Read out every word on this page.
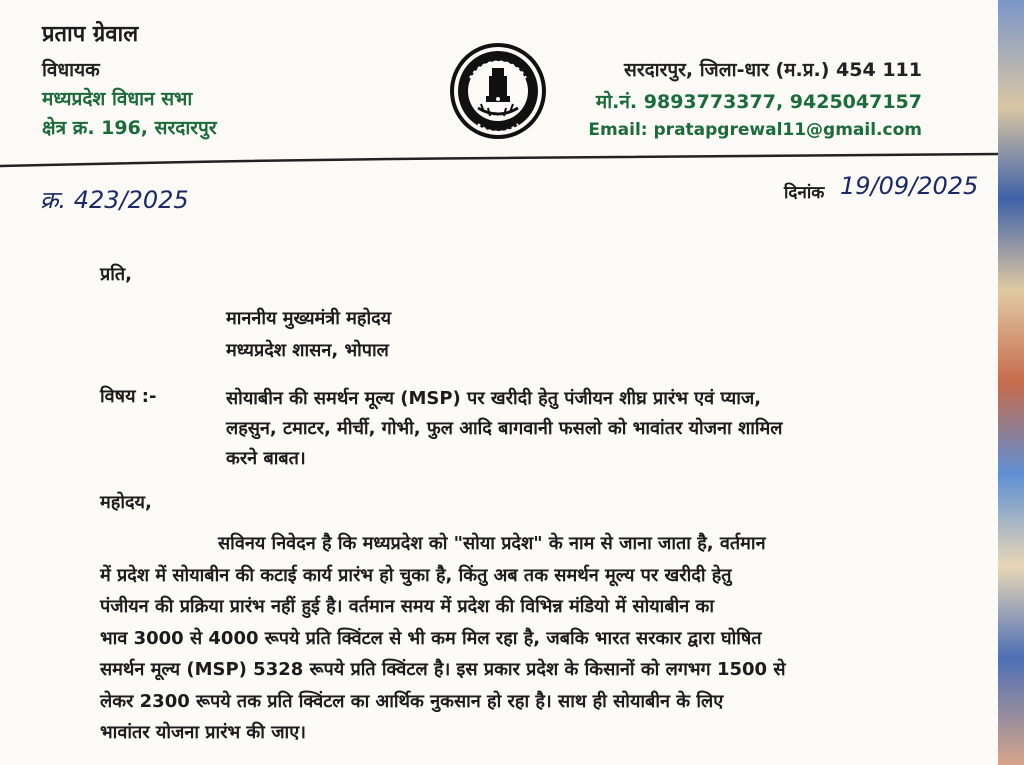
प्रताप ग्रेवाल
विधायक
मध्यप्रदेश विधान सभा
क्षेत्र क्र. 196, सरदारपुर
सरदारपुर, जिला-धार (म.प्र.) 454 111
मो.नं. 9893773377, 9425047157
Email: pratapgrewal11@gmail.com
क्र. 423/2025	दिनांक 19/09/2025
प्रति,
माननीय मुख्यमंत्री महोदय
मध्यप्रदेश शासन, भोपाल
विषय :-	सोयाबीन की समर्थन मूल्य (MSP) पर खरीदी हेतु पंजीयन शीघ्र प्रारंभ एवं प्याज,
लहसुन, टमाटर, मीर्ची, गोभी, फुल आदि बागवानी फसलो को भावांतर योजना शामिल
करने बाबत।
महोदय,
सविनय निवेदन है कि मध्यप्रदेश को "सोया प्रदेश" के नाम से जाना जाता है, वर्तमान
में प्रदेश में सोयाबीन की कटाई कार्य प्रारंभ हो चुका है, किंतु अब तक समर्थन मूल्य पर खरीदी हेतु
पंजीयन की प्रक्रिया प्रारंभ नहीं हुई है। वर्तमान समय में प्रदेश की विभिन्न मंडियो में सोयाबीन का
भाव 3000 से 4000 रूपये प्रति क्विंटल से भी कम मिल रहा है, जबकि भारत सरकार द्वारा घोषित
समर्थन मूल्य (MSP) 5328 रूपये प्रति क्विंटल है। इस प्रकार प्रदेश के किसानों को लगभग 1500 से
लेकर 2300 रूपये तक प्रति क्विंटल का आर्थिक नुकसान हो रहा है। साथ ही सोयाबीन के लिए
भावांतर योजना प्रारंभ की जाए।
